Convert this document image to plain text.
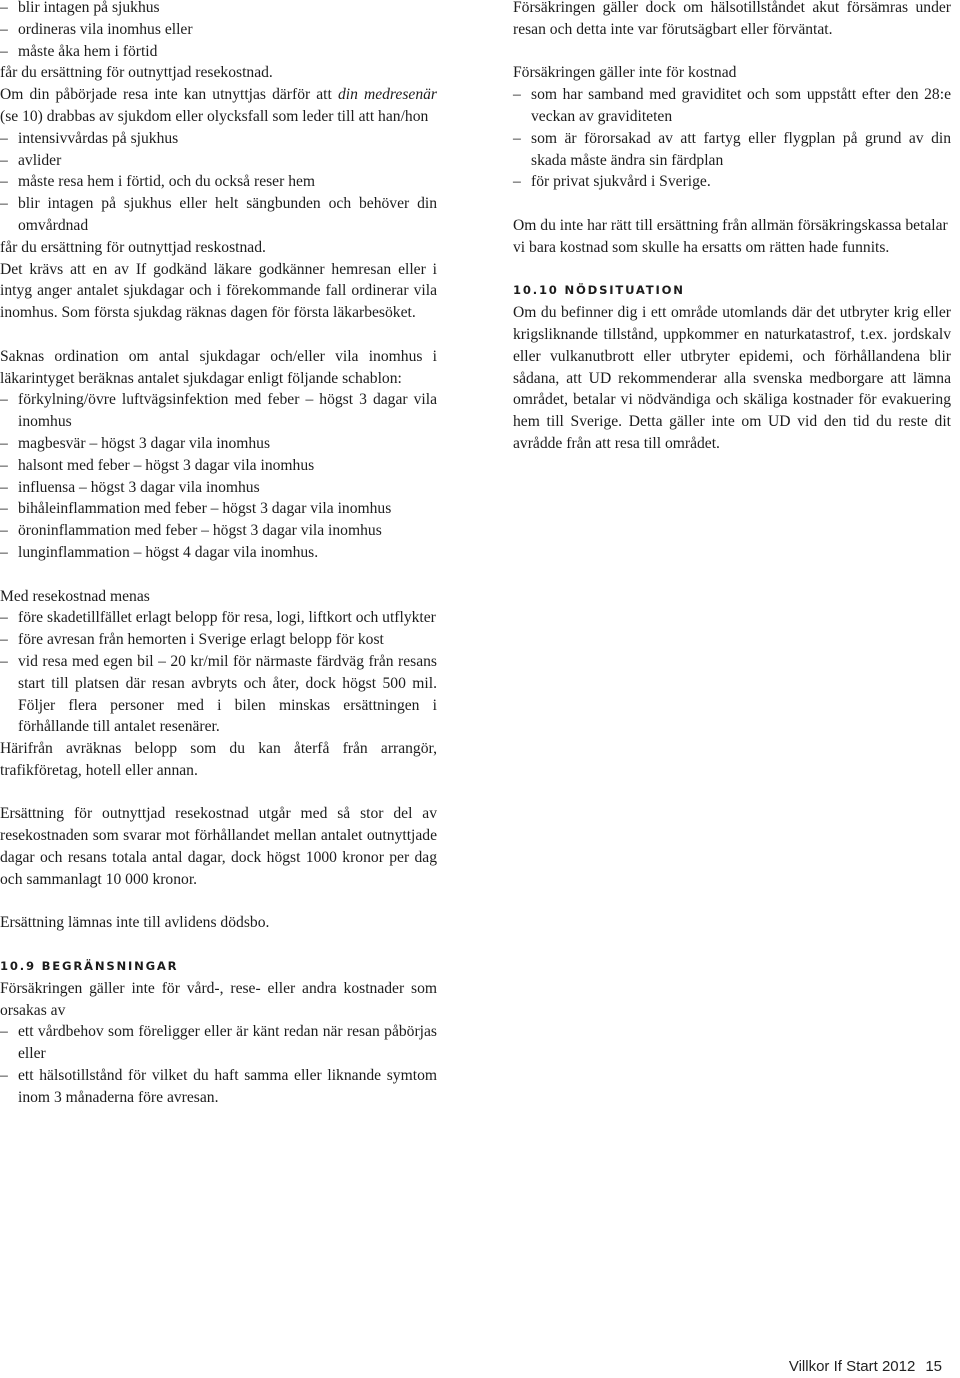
– blir intagen på sjukhus
– ordineras vila inomhus eller
– måste åka hem i förtid

får du ersättning för outnyttjad resekostnad.

Om din påbörjade resa inte kan utnyttjas därför att din medresenär (se 10) drabbas av sjukdom eller olycksfall som leder till att han/hon

– intensivvårdas på sjukhus
– avlider
– måste resa hem i förtid, och du också reser hem
– blir intagen på sjukhus eller helt sängbunden och behöver din omvårdnad

får du ersättning för outnyttjad reskostnad.

Det krävs att en av If godkänd läkare godkänner hemresan eller i intyg anger antalet sjukdagar och i förekommande fall ordinerar vila inomhus. Som första sjukdag räknas dagen för första läkarbesöket.

Saknas ordination om antal sjukdagar och/eller vila inomhus i läkarintyget beräknas antalet sjukdagar enligt följande schablon:

– förkylning/övre luftvägsinfektion med feber – högst 3 dagar vila inomhus
– magbesvär – högst 3 dagar vila inomhus
– halsont med feber – högst 3 dagar vila inomhus
– influensa – högst 3 dagar vila inomhus
– bihåleinflammation med feber – högst 3 dagar vila inomhus
– öroninflammation med feber – högst 3 dagar vila inomhus
– lunginflammation – högst 4 dagar vila inomhus.

Med resekostnad menas

– före skadetillfället erlagt belopp för resa, logi, liftkort och utflykter
– före avresan från hemorten i Sverige erlagt belopp för kost
– vid resa med egen bil – 20 kr/mil för närmaste färdväg från resans start till platsen där resan avbryts och åter, dock högst 500 mil. Följer flera personer med i bilen minskas ersättningen i förhållande till antalet resenärer.

Härifrån avräknas belopp som du kan återfå från arrangör, trafikföretag, hotell eller annan.

Ersättning för outnyttjad resekostnad utgår med så stor del av resekostnaden som svarar mot förhållandet mellan antalet outnyttjade dagar och resans totala antal dagar, dock högst 1000 kronor per dag och sammanlagt 10 000 kronor.

Ersättning lämnas inte till avlidens dödsbo.

10.9 BEGRÄNSNINGAR

Försäkringen gäller inte för vård-, rese- eller andra kostnader som orsakas av

– ett vårdbehov som föreligger eller är känt redan när resan påbörjas eller
– ett hälsotillstånd för vilket du haft samma eller liknande symtom inom 3 månaderna före avresan.

Försäkringen gäller dock om hälsotillståndet akut försämras under resan och detta inte var förutsägbart eller förväntat.

Försäkringen gäller inte för kostnad

– som har samband med graviditet och som uppstått efter den 28:e veckan av graviditeten
– som är förorsakad av att fartyg eller flygplan på grund av din skada måste ändra sin färdplan
– för privat sjukvård i Sverige.

Om du inte har rätt till ersättning från allmän försäkringskassa betalar vi bara kostnad som skulle ha ersatts om rätten hade funnits.

10.10 NÖDSITUATION

Om du befinner dig i ett område utomlands där det utbryter krig eller krigsliknande tillstånd, uppkommer en naturkatastrof, t.ex. jordskalv eller vulkanutbrott eller utbryter epidemi, och förhållandena blir sådana, att UD rekommenderar alla svenska medborgare att lämna området, betalar vi nödvändiga och skäliga kostnader för evakuering hem till Sverige. Detta gäller inte om UD vid den tid du reste dit avrådde från att resa till området.

Villkor If Start 2012 15
